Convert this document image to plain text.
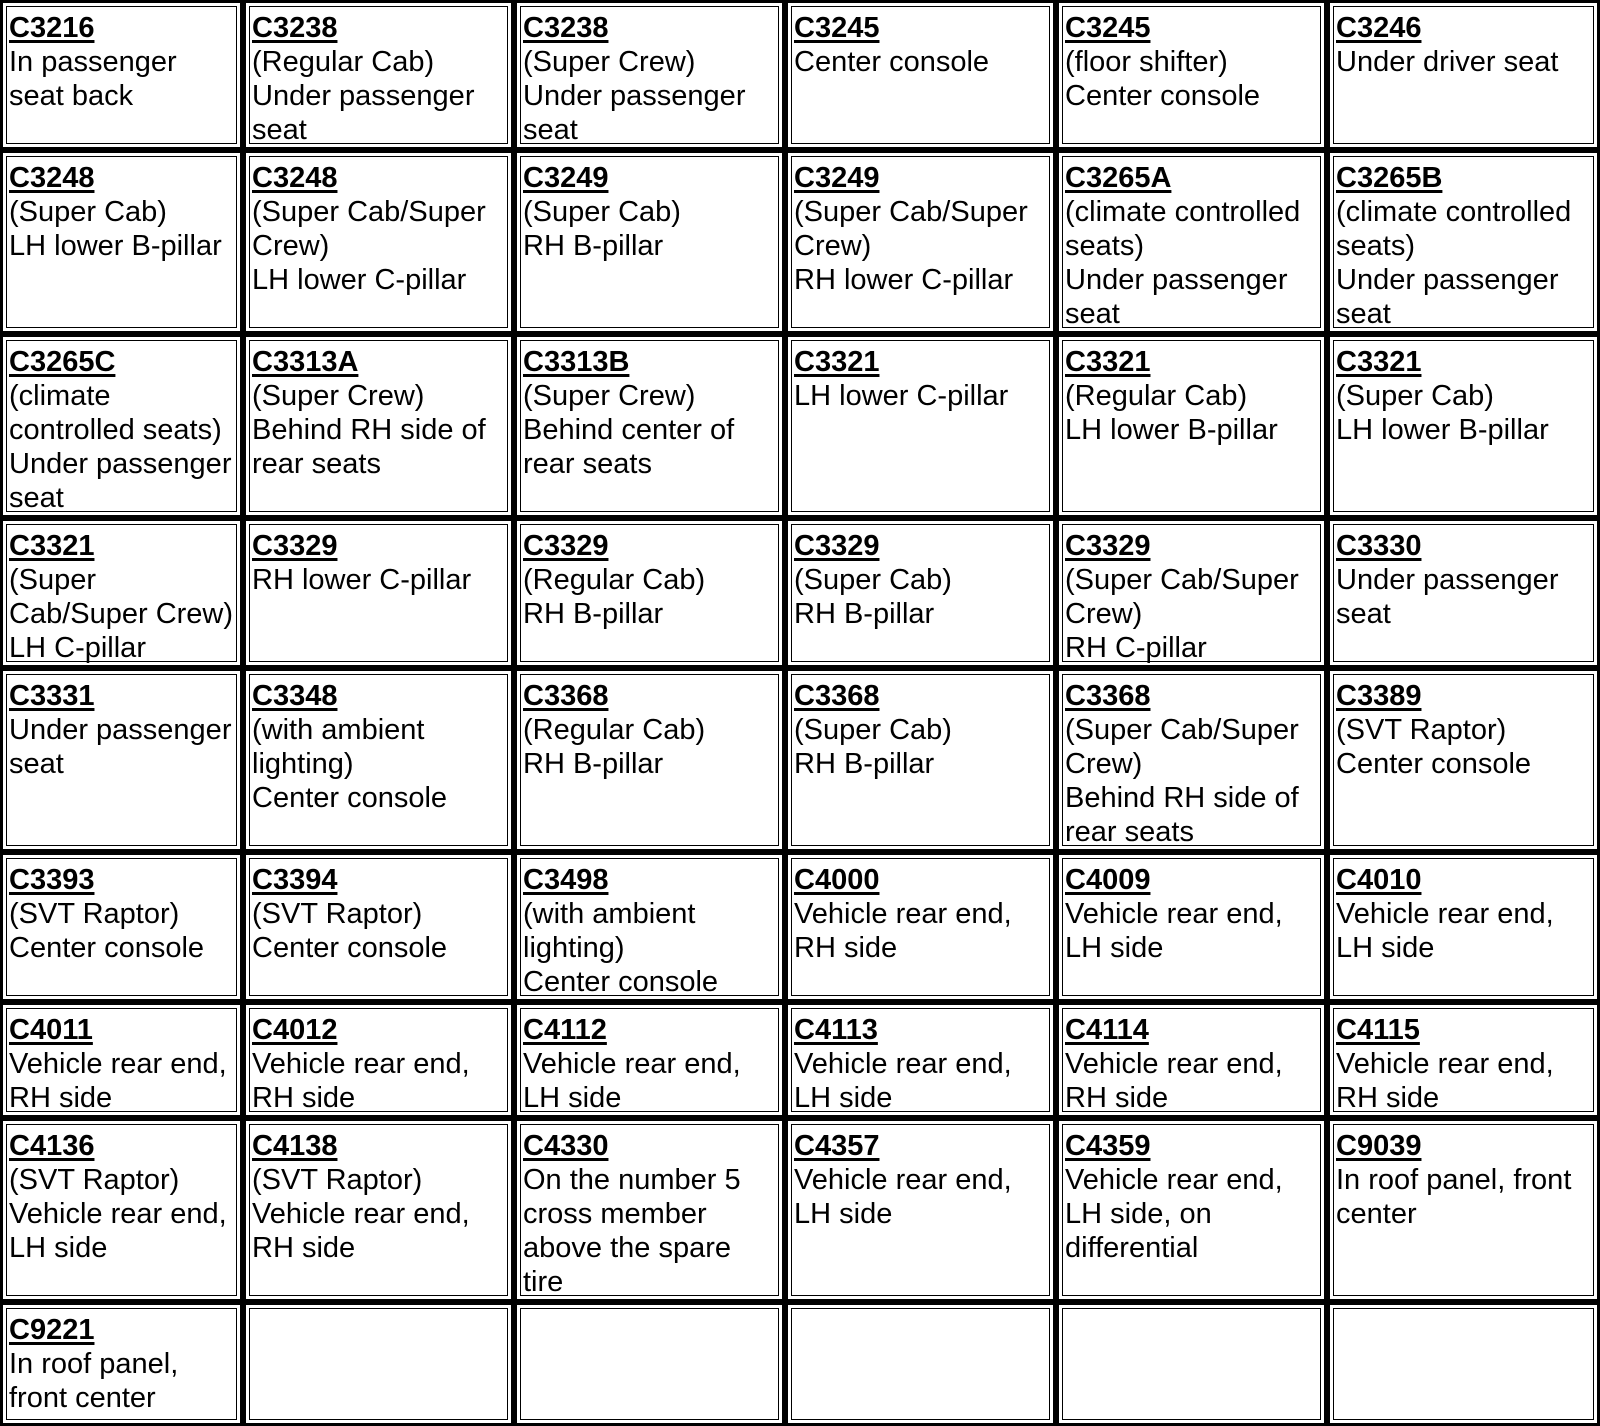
C3216
In passenger
seat back	C3238
(Regular Cab)
Under passenger
seat	C3238
(Super Crew)
Under passenger
seat	C3245
Center console	C3245
(floor shifter)
Center console	C3246
Under driver seat

C3248
(Super Cab)
LH lower B-pillar	C3248
(Super Cab/Super
Crew)
LH lower C-pillar	C3249
(Super Cab)
RH B-pillar	C3249
(Super Cab/Super
Crew)
RH lower C-pillar	C3265A
(climate controlled
seats)
Under passenger
seat	C3265B
(climate controlled
seats)
Under passenger
seat

C3265C
(climate
controlled seats)
Under passenger
seat	C3313A
(Super Crew)
Behind RH side of
rear seats	C3313B
(Super Crew)
Behind center of
rear seats	C3321
LH lower C-pillar	C3321
(Regular Cab)
LH lower B-pillar	C3321
(Super Cab)
LH lower B-pillar

C3321
(Super
Cab/Super Crew)
LH C-pillar	C3329
RH lower C-pillar	C3329
(Regular Cab)
RH B-pillar	C3329
(Super Cab)
RH B-pillar	C3329
(Super Cab/Super
Crew)
RH C-pillar	C3330
Under passenger
seat

C3331
Under passenger
seat	C3348
(with ambient
lighting)
Center console	C3368
(Regular Cab)
RH B-pillar	C3368
(Super Cab)
RH B-pillar	C3368
(Super Cab/Super
Crew)
Behind RH side of
rear seats	C3389
(SVT Raptor)
Center console

C3393
(SVT Raptor)
Center console	C3394
(SVT Raptor)
Center console	C3498
(with ambient
lighting)
Center console	C4000
Vehicle rear end,
RH side	C4009
Vehicle rear end,
LH side	C4010
Vehicle rear end,
LH side

C4011
Vehicle rear end,
RH side	C4012
Vehicle rear end,
RH side	C4112
Vehicle rear end,
LH side	C4113
Vehicle rear end,
LH side	C4114
Vehicle rear end,
RH side	C4115
Vehicle rear end,
RH side

C4136
(SVT Raptor)
Vehicle rear end,
LH side	C4138
(SVT Raptor)
Vehicle rear end,
RH side	C4330
On the number 5
cross member
above the spare
tire	C4357
Vehicle rear end,
LH side	C4359
Vehicle rear end,
LH side, on
differential	C9039
In roof panel, front
center

C9221
In roof panel,
front center					
